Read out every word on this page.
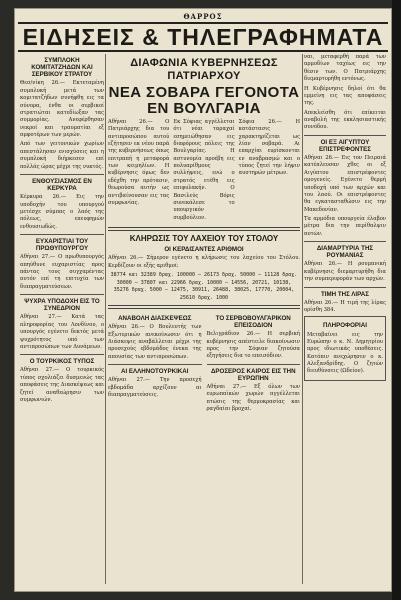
ΘΑΡΡΟΣ
ΕΙΔΗΣΕΙΣ & ΤΗΛΕΓΡΑΦΗΜΑΤΑ
ΣΥΜΠΛΟΚΗ ΚΟΜΙΤΑΤΖΗΔΩΝ ΚΑΙ ΣΕΡΒΙΚΟΥ ΣΤΡΑΤΟΥ

Θεσ/νίκη 26.— Εκτεταμένη συμπλοκή μετά των κομιτατζήδων συνήφθη εις τα σύνορα, ένθα οι σερβικοί στρατιώται κατεδίωξαν τας συμμορίας. Ανεφέρθησαν νεκροί και τραυματίαι εξ αμφοτέρων των μερών.

Από των γειτονικών χωρίων απεστάλησαν ενισχύσεις και η συμπλοκή διήρκεσεν επί πολλάς ώρας μέχρι της νυκτός.

ΕΝΘΟΥΣΙΑΣΜΟΣ ΕΝ ΚΕΡΚΥΡΑ

Κέρκυρα 26.— Εις την υποδοχήν του υπουργού μετέσχε σύμπας ο λαός της πόλεως, επευφημών ενθουσιωδώς.

ΕΥΧΑΡΙΣΤΙΑΙ ΤΟΥ ΠΡΩΘΥΠΟΥΡΓΟΥ

Αθήναι 27.— Ο πρωθυπουργός απηύθυνε ευχαριστίας προς πάντας τους συγχαρέντας αυτόν επί τη επιτυχία των διαπραγματεύσεων.

ΨΥΧΡΑ ΥΠΟΔΟΧΗ ΕΙΣ ΤΟ ΣΥΝΕΔΡΙΟΝ

Αθήναι 27.— Κατά τας πληροφορίας του Λονδίνου, ο υπουργός εγένετο δεκτός μετά ψυχρότητος υπό των αντιπροσώπων των Δυνάμεων.

Ο ΤΟΥΡΚΙΚΟΣ ΤΥΠΟΣ

Αθήναι 27.— Ο τουρκικός τύπος σχολιάζει δυσμενώς τας αποφάσεις της Διασκέψεως και ζητεί αναθεώρησιν των συμφωνιών.

ΔΙΑΦΩΝΙΑ ΚΥΒΕΡΝΗΣΕΩΣ ΠΑΤΡΙΑΡΧΟΥ
ΝΕΑ ΣΟΒΑΡΑ ΓΕΓΟΝΟΤΑ ΕΝ ΒΟΥΛΓΑΡΙΑ

Αθήναι 26.— Ο Πατριάρχης δια του αντιπροσώπου αυτού εζήτησεν εκ νέου παρά της κυβερνήσεως όπως επιτραπή η μεταφορά των κειμηλίων. Η κυβέρνησις όμως δεν εδέχθη την πρότασιν, θεωρούσα αυτήν ως αντιβαίνουσαν εις τας συμφωνίας.

Εκ Σόφιας αγγέλλεται ότι νέαι ταραχαί εσημειώθησαν εις διαφόρους πόλεις της Βουλγαρίας. Η αστυνομία προέβη εις πολυαρίθμους συλλήψεις, ενώ ο στρατός ετέθη εις επιφυλακήν. Ο Βασιλεύς Βόρις συνεκάλεσε το υπουργικόν συμβούλιον.

Σόφια 26.— Η κατάστασις χαρακτηρίζεται ως λίαν σοβαρά. Αι επαρχίαι ευρίσκονται εν αναβρασμώ και ο τύπος ζητεί την λήψιν αυστηρών μέτρων.

ΚΛΗΡΩΣΙΣ ΤΟΥ ΛΑΧΕΙΟΥ ΤΟΥ ΣΤΟΛΟΥ
ΟΙ ΚΕΡΔΙΣΑΝΤΕΣ ΑΡΙΘΜΟΙ

Αθήναι 26.— Σήμερον εγένετο η κλήρωσις του λαχείου του Στόλου. Κερδίζουν οι εξής αριθμοί:

38774 και 32389 δραχ. 100000 — 26173 δραχ. 50000 — 11128 δραχ. 30000 — 37807 και 22966 δραχ. 10000 — 14556, 20721, 10138, 35276 δραχ. 5000 — 12475, 30911, 26488, 38025, 17770, 20004, 25610 δραχ. 1000
ΑΝΑΒΟΛΗ ΔΙΑΣΚΕΨΕΩΣ

Αθήναι 26.— Ο Βουλευτής των Εξωτερικών ανεκοίνωσεν ότι η Διάσκεψις αναβάλλεται μέχρι της προσεχούς εβδομάδος ένεκα της απουσίας των αντιπροσώπων.

ΑΙ ΕΛΛΗΝΟΤΟΥΡΚΙΚΑΙ

Αθήναι 27.— Την προσεχή εβδομάδα αρχίζουν αι διαπραγματεύσεις.

ΤΟ ΣΕΡΒΟΒΟΥΛΓΑΡΙΚΟΝ ΕΠΕΙΣΟΔΙΟΝ

Βελιγράδιον 26.— Η σερβική κυβέρνησις απέστειλε διακοίνωσιν προς την Σόφιαν ζητούσα εξηγήσεις δια το επεισόδιον.

ΔΡΟΣΕΡΟΣ ΚΑΙΡΟΣ ΕΙΣ ΤΗΝ ΕΥΡΩΠΗΝ

Αθήναι 27.— Εξ όλων των ευρωπαϊκών χωρών αγγέλλεται πτώσις της θερμοκρασίας και ραγδαίαι βροχαί.

ναι, μεταφερθή παρά των αρμοδίων ταχέως εις την θέσιν των. Ο Πατριάρχης διεμαρτυρήθη εντόνως.

Η Κυβέρνησις δηλοί ότι θα εμμείνη εις τας αποφάσεις της.

Απεκλείσθη ότι επίκειται αναβολή της εκκλησιαστικής συνόδου.

ΟΙ ΕΞ ΑΙΓΥΠΤΟΥ ΕΠΙΣΤΡΕΦΟΝΤΕΣ

Αθήναι 26.— Εις τον Πειραιά κατέπλευσαν χθες οι εξ Αιγύπτου επιστρέφοντες ομογενείς. Εγένετο θερμή υποδοχή υπό των αρχών και του λαού. Οι επιστρέφοντες θα εγκατασταθώσιν εις την Μακεδονίαν.

Τα αρμόδια υπουργεία έλαβον μέτρα δια την περίθαλψιν αυτών.

ΔΙΑΜΑΡΤΥΡΙΑ ΤΗΣ ΡΟΥΜΑΝΙΑΣ

Αθήναι 26.— Η ρουμανική κυβέρνησις διεμαρτυρήθη δια την συμπεριφοράν των αρχών.

ΤΙΜΗ ΤΗΣ ΛΙΡΑΣ

Αθήναι 26.— Η τιμή της λίρας ορίσθη 384.

ΠΛΗΡΟΦΟΡΙΑΙ

Μεταβαίνει εις την Ευρώπην ο κ. Ν. Δημητρίου προς ιδιωτικάς υποθέσεις. Κατόπιν ανεχώρησεν ο κ. Αλεξανδρίδης. Ο ζητών διευθύνσεις (Ωδείον).
